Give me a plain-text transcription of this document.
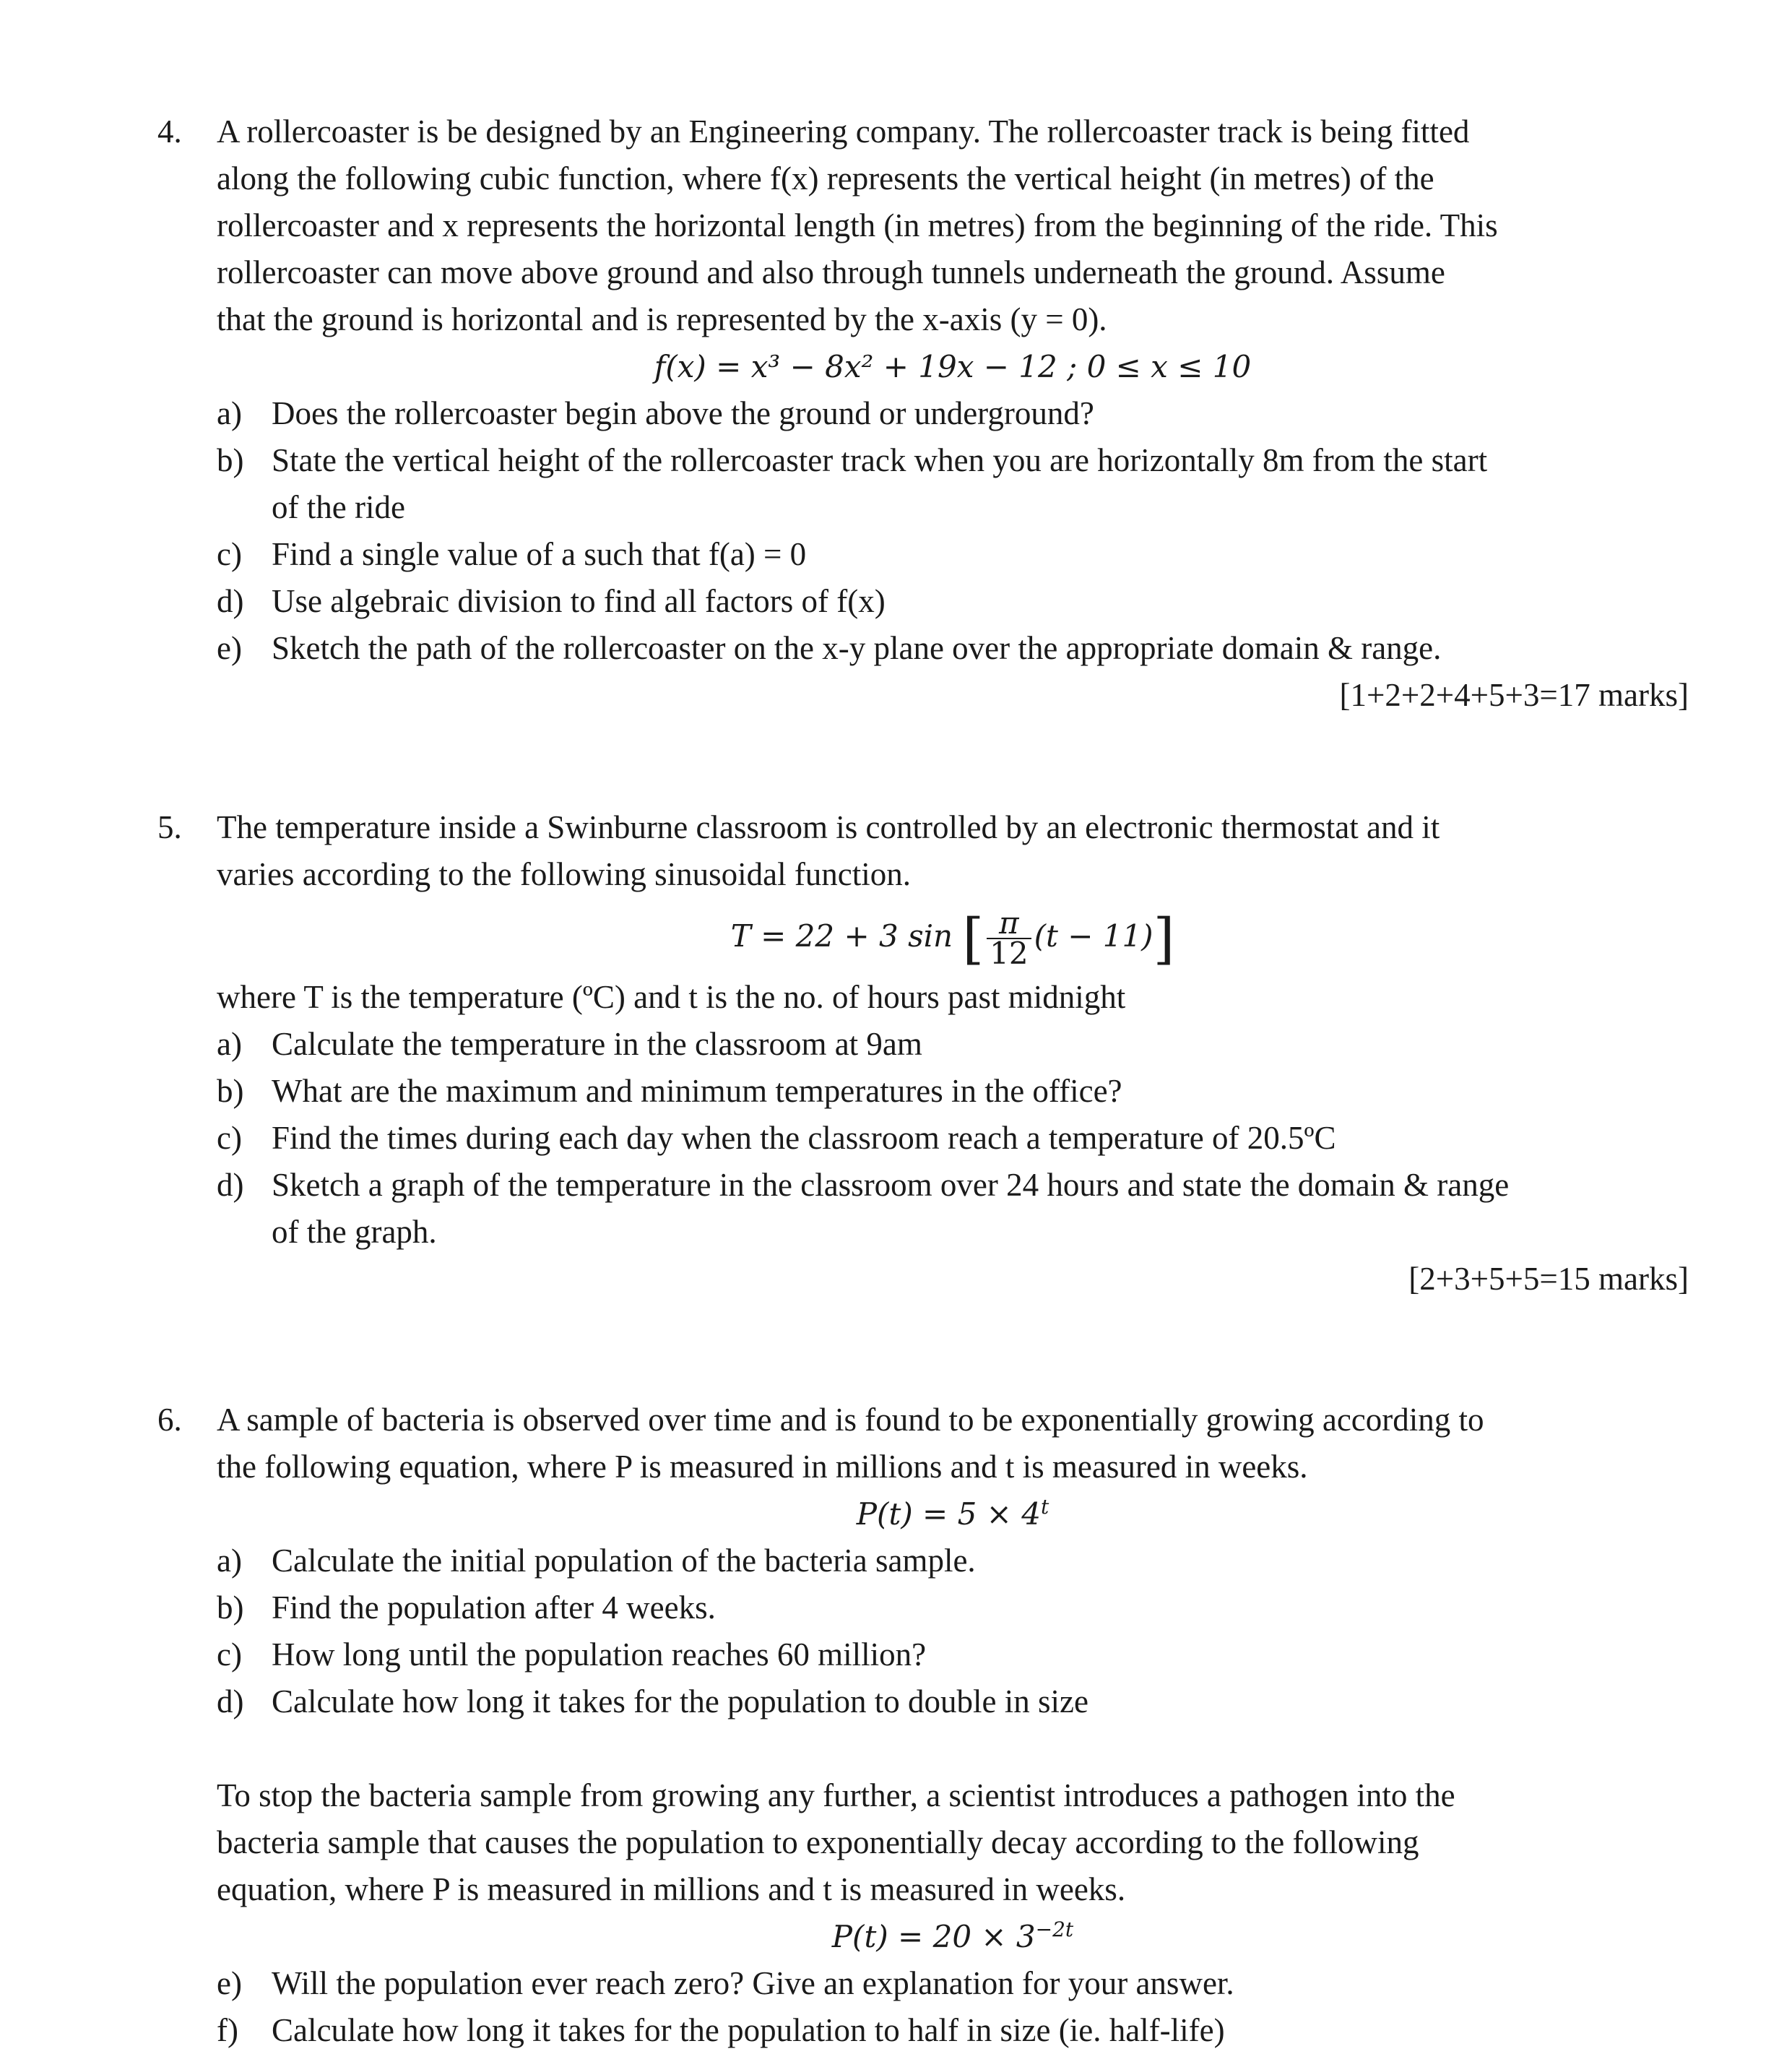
4. A rollercoaster is be designed by an Engineering company. The rollercoaster track is being fitted
along the following cubic function, where f(x) represents the vertical height (in metres) of the
rollercoaster and x represents the horizontal length (in metres) from the beginning of the ride. This
rollercoaster can move above ground and also through tunnels underneath the ground. Assume
that the ground is horizontal and is represented by the x-axis (y = 0).
f(x) = x³ − 8x² + 19x − 12 ; 0 ≤ x ≤ 10
a) Does the rollercoaster begin above the ground or underground?
b) State the vertical height of the rollercoaster track when you are horizontally 8m from the start
of the ride
c) Find a single value of a such that f(a) = 0
d) Use algebraic division to find all factors of f(x)
e) Sketch the path of the rollercoaster on the x-y plane over the appropriate domain & range.
[1+2+2+4+5+3=17 marks]
5. The temperature inside a Swinburne classroom is controlled by an electronic thermostat and it
varies according to the following sinusoidal function.
T = 22 + 3 sin [ $\frac{\pi}{12} (t - 11)$]
where T is the temperature (ºC) and t is the no. of hours past midnight
a) Calculate the temperature in the classroom at 9am
b) What are the maximum and minimum temperatures in the office?
c) Find the times during each day when the classroom reach a temperature of 20.5ºC
d) Sketch a graph of the temperature in the classroom over 24 hours and state the domain & range
of the graph.
[2+3+5+5=15 marks]
6. A sample of bacteria is observed over time and is found to be exponentially growing according to
the following equation, where P is measured in millions and t is measured in weeks.
$P(t) = 5 \times 4^t$
a) Calculate the initial population of the bacteria sample.
b) Find the population after 4 weeks.
c) How long until the population reaches 60 million?
d) Calculate how long it takes for the population to double in size
To stop the bacteria sample from growing any further, a scientist introduces a pathogen into the
bacteria sample that causes the population to exponentially decay according to the following
equation, where P is measured in millions and t is measured in weeks.
$P(t) = 20 \times 3^{-2t}$
e) Will the population ever reach zero? Give an explanation for your answer.
f) Calculate how long it takes for the population to half in size (ie. half-life)
